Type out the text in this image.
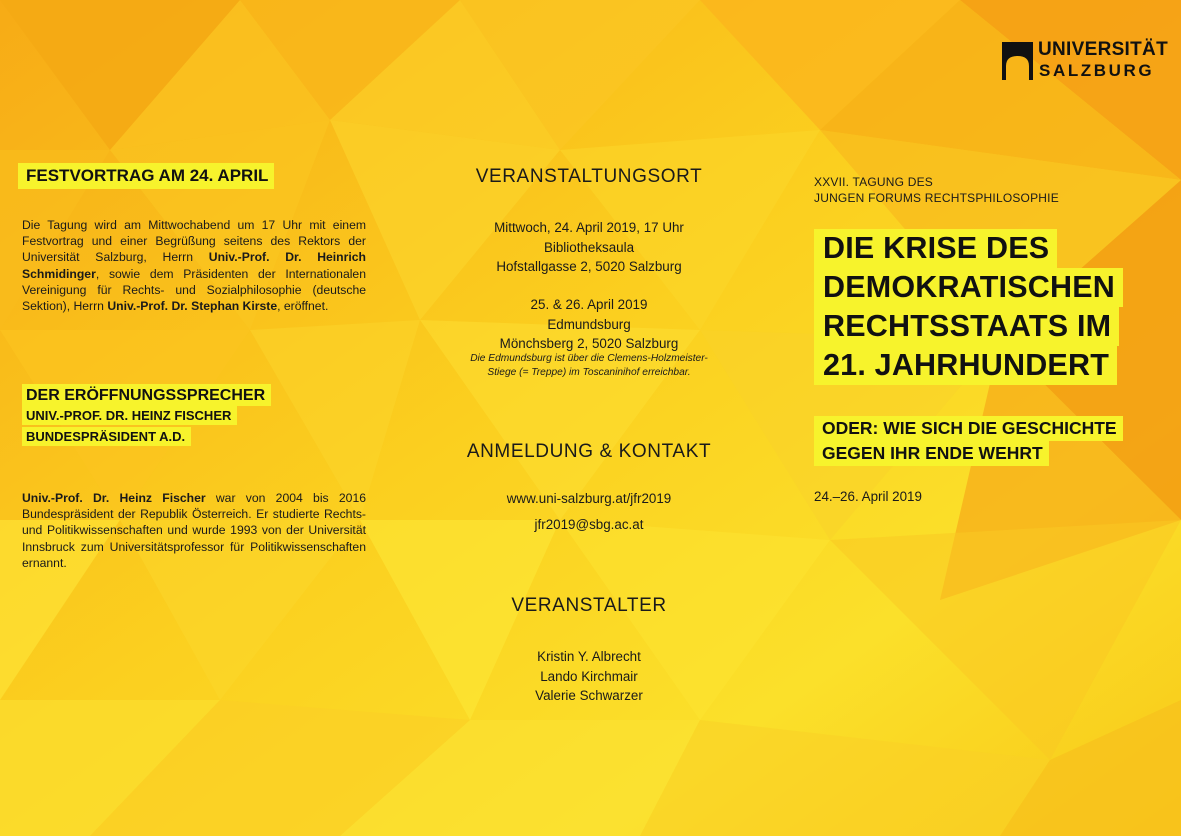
UNIVERSITÄT
SALZBURG
FESTVORTRAG AM 24. APRIL
Die Tagung wird am Mittwochabend um 17 Uhr mit einem Festvortrag und einer Begrüßung seitens des Rektors der Universität Salzburg, Herrn Univ.-Prof. Dr. Heinrich Schmidinger, sowie dem Präsidenten der Internationalen Vereinigung für Rechts- und Sozialphilosophie (deutsche Sektion), Herrn Univ.-Prof. Dr. Stephan Kirste, eröffnet.
DER ERÖFFNUNGSSPRECHER
UNIV.-PROF. DR. HEINZ FISCHER
BUNDESPRÄSIDENT A.D.
Univ.-Prof. Dr. Heinz Fischer war von 2004 bis 2016 Bundespräsident der Republik Österreich. Er studierte Rechts- und Politikwissenschaften und wurde 1993 von der Universität Innsbruck zum Universitätsprofessor für Politikwissenschaften ernannt.
VERANSTALTUNGSORT
Mittwoch, 24. April 2019, 17 Uhr
Bibliotheksaula
Hofstallgasse 2, 5020 Salzburg
25. & 26. April 2019
Edmundsburg
Mönchsberg 2, 5020 Salzburg
Die Edmundsburg ist über die Clemens-Holzmeister-
Stiege (= Treppe) im Toscaninihof erreichbar.
ANMELDUNG & KONTAKT
www.uni-salzburg.at/jfr2019
jfr2019@sbg.ac.at
VERANSTALTER
Kristin Y. Albrecht
Lando Kirchmair
Valerie Schwarzer
XXVII. TAGUNG DES
JUNGEN FORUMS RECHTSPHILOSOPHIE
DIE KRISE DES
DEMOKRATISCHEN
RECHTSSTAATS IM
21. JAHRHUNDERT

ODER: WIE SICH DIE GESCHICHTE
GEGEN IHR ENDE WEHRT

24.–26. April 2019
